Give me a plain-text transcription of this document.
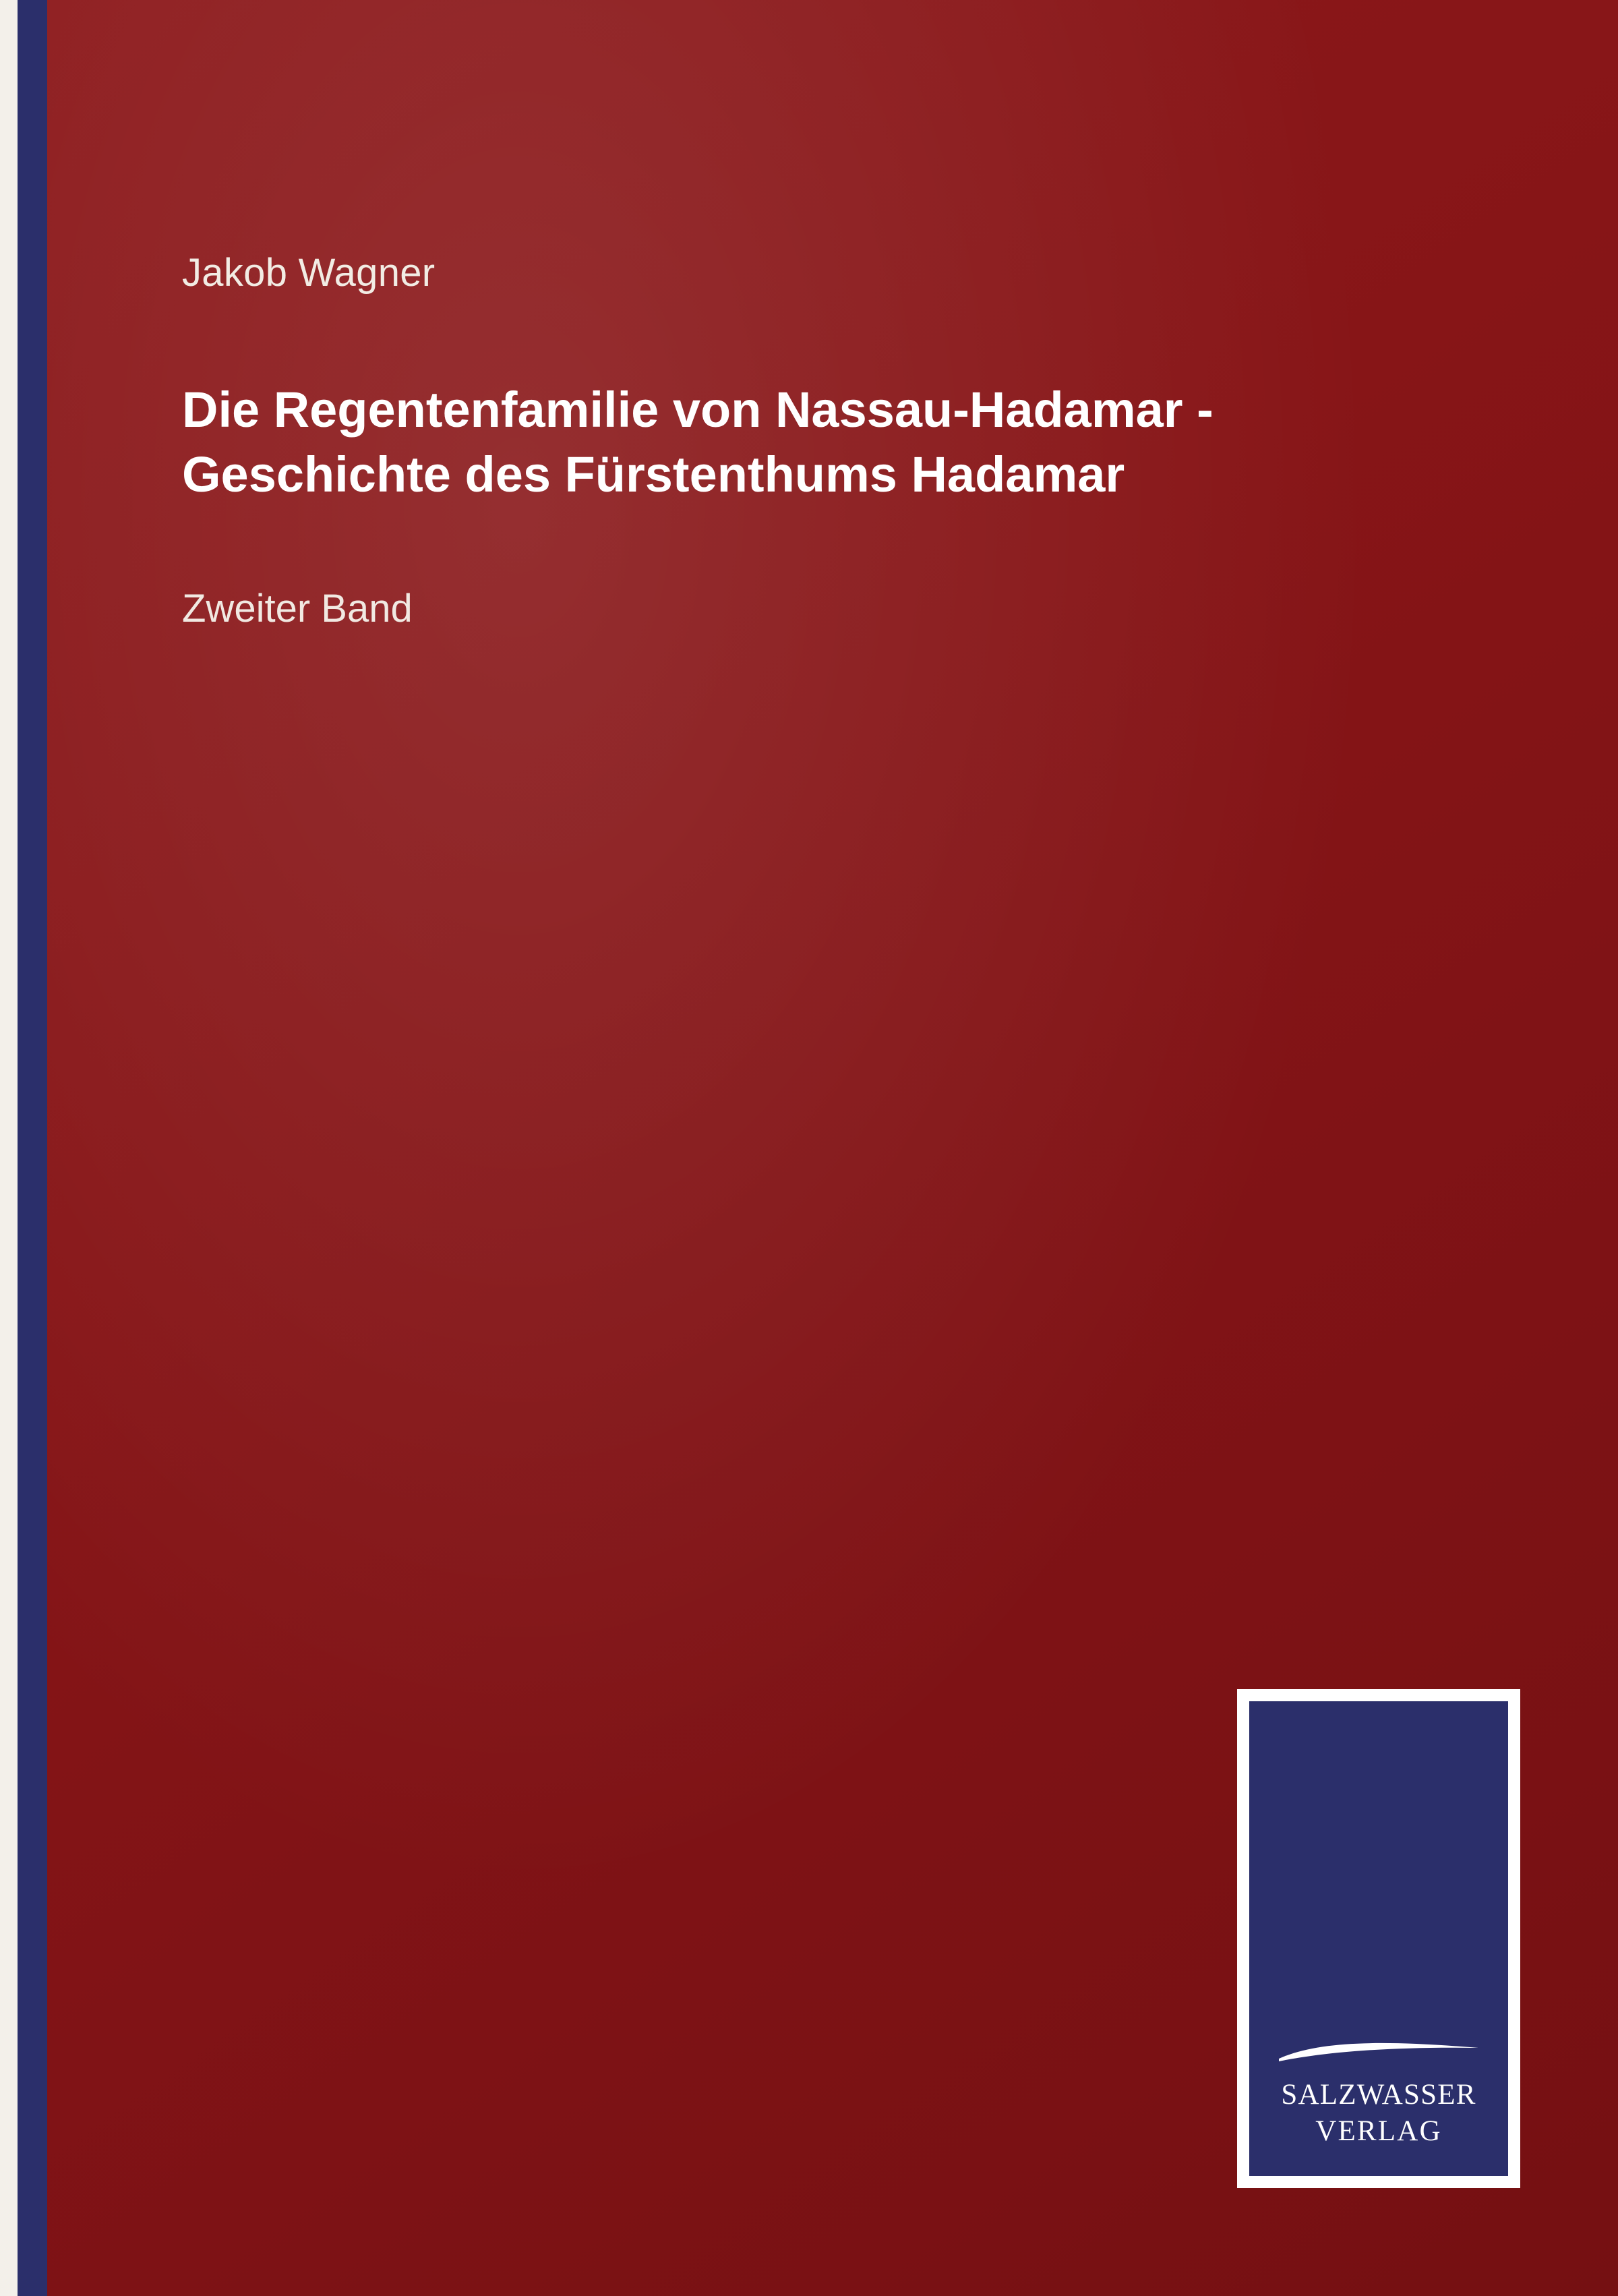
Jakob Wagner
Die Regentenfamilie von Nassau-Hadamar - Geschichte des Fürstenthums Hadamar
Zweiter Band
SALZWASSER
VERLAG
